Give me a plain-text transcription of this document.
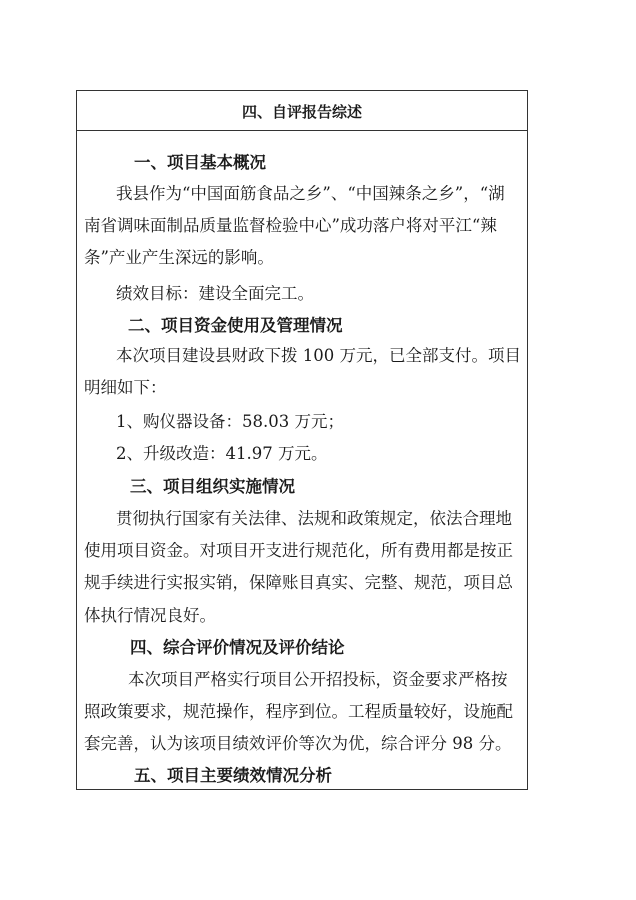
四、自评报告综述
一、项目基本概况
我县作为“中国面筋食品之乡”、“中国辣条之乡”，“湖
南省调味面制品质量监督检验中心”成功落户将对平江“辣
条”产业产生深远的影响。
绩效目标：建设全面完工。
二、项目资金使用及管理情况
本次项目建设县财政下拨 100 万元，已全部支付。项目
明细如下：
1、购仪器设备：58.03 万元；
2、升级改造：41.97 万元。
三、项目组织实施情况
贯彻执行国家有关法律、法规和政策规定，依法合理地
使用项目资金。对项目开支进行规范化，所有费用都是按正
规手续进行实报实销，保障账目真实、完整、规范，项目总
体执行情况良好。
四、综合评价情况及评价结论
本次项目严格实行项目公开招投标，资金要求严格按
照政策要求，规范操作，程序到位。工程质量较好，设施配
套完善，认为该项目绩效评价等次为优，综合评分 98 分。
五、项目主要绩效情况分析
